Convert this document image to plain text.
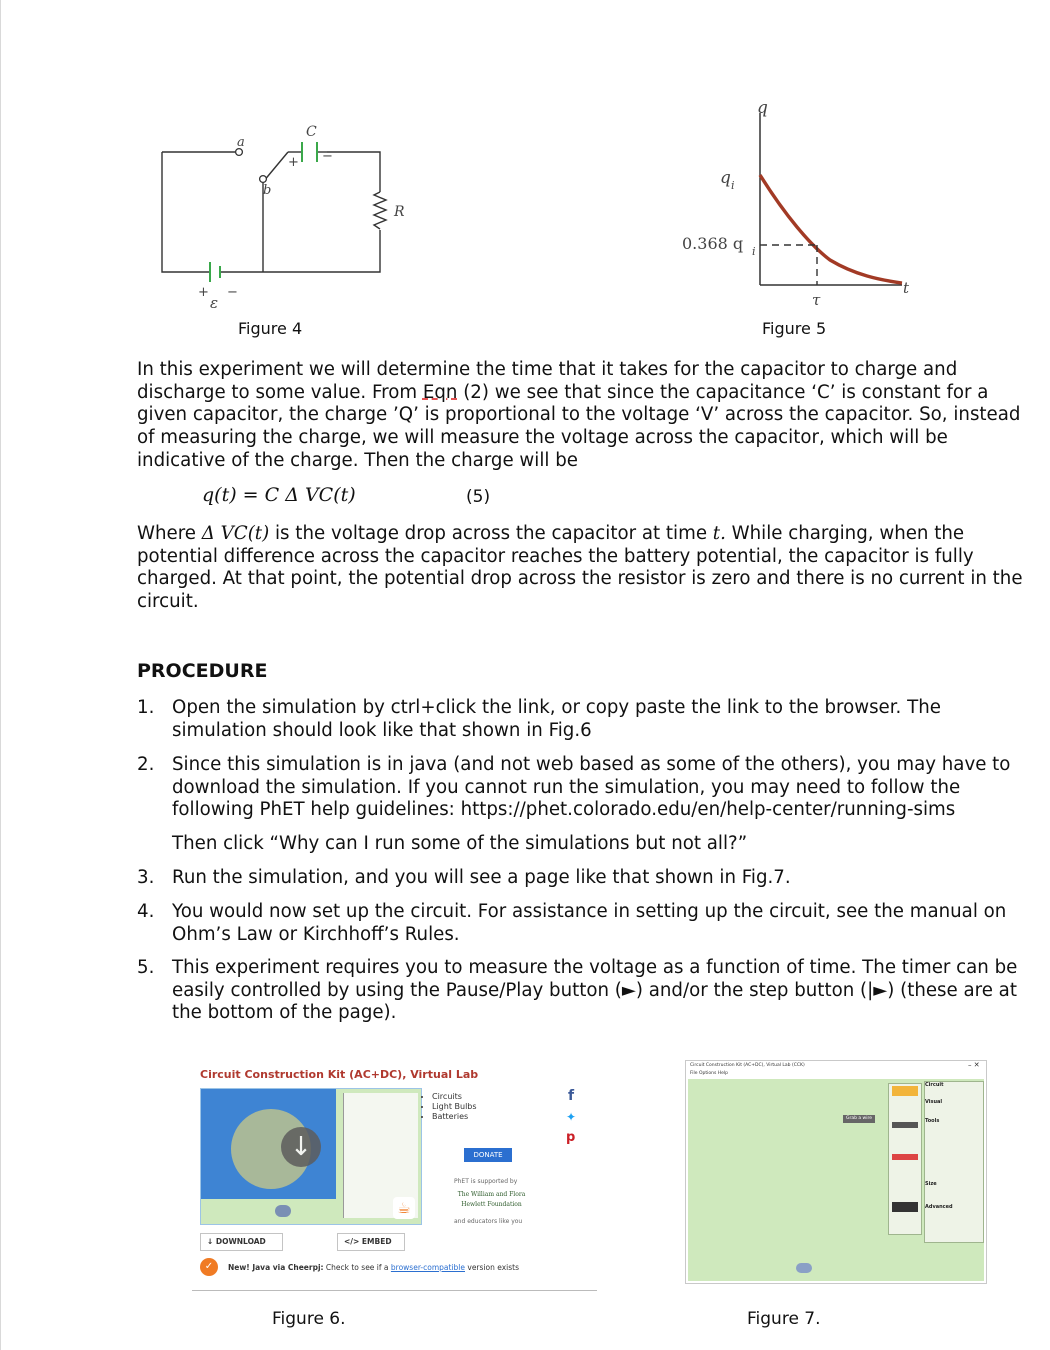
a
b
C
R
+ −
+ −
ε
Figure 4
q
q i
0.368 q i
τ
t
Figure 5

In this experiment we will determine the time that it takes for the capacitor to charge and discharge to some value. From Eqn (2) we see that since the capacitance ‘C’ is constant for a given capacitor, the charge ’Q’ is proportional to the voltage ‘V’ across the capacitor. So, instead of measuring the charge, we will measure the voltage across the capacitor, which will be indicative of the charge. Then the charge will be

q(t) = C Δ VC(t)	(5)

Where Δ VC(t) is the voltage drop across the capacitor at time t. While charging, when the potential difference across the capacitor reaches the battery potential, the capacitor is fully charged. At that point, the potential drop across the resistor is zero and there is no current in the circuit.

PROCEDURE
1. Open the simulation by ctrl+click the link, or copy paste the link to the browser. The simulation should look like that shown in Fig.6
2. Since this simulation is in java (and not web based as some of the others), you may have to download the simulation. If you cannot run the simulation, you may need to follow the following PhET help guidelines: https://phet.colorado.edu/en/help-center/running-sims
Then click “Why can I run some of the simulations but not all?”
3. Run the simulation, and you will see a page like that shown in Fig.7.
4. You would now set up the circuit. For assistance in setting up the circuit, see the manual on Ohm’s Law or Kirchhoff’s Rules.
5. This experiment requires you to measure the voltage as a function of time. The timer can be easily controlled by using the Pause/Play button (►) and/or the step button (|►) (these are at the bottom of the page).
Circuit Construction Kit (AC+DC), Virtual Lab
↓
☕
• Circuits
• Light Bulbs
• Batteries
DONATE
PhET is supported by
The William and Flora
Hewlett Foundation
and educators like you
f
✦
p
↓ DOWNLOAD	</> EMBED
✓	New! Java via Cheerpj: Check to see if a browser-compatible version exists
Figure 6.
Circuit Construction Kit (AC+DC), Virtual Lab (CCK)	– ✕
File Options Help
Grab a wire
Circuit
Visual
Tools
Size
Advanced
Figure 7.
